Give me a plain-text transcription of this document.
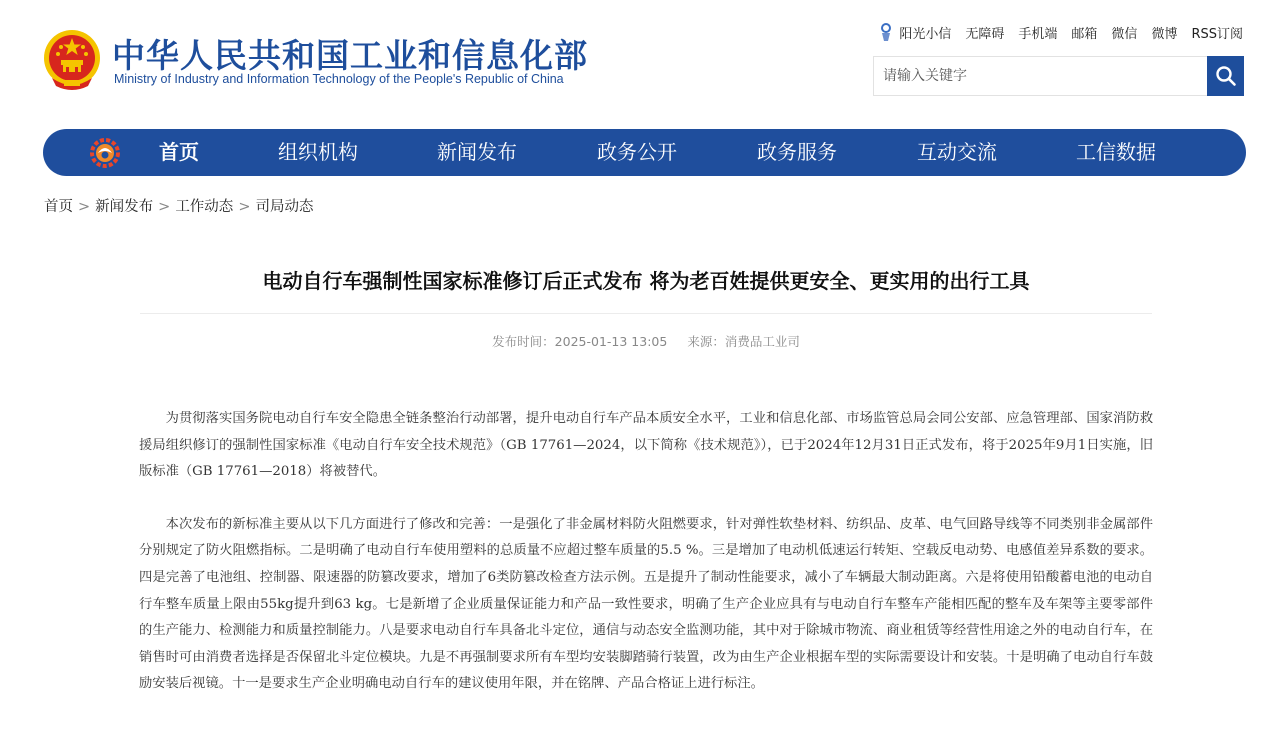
中华人民共和国工业和信息化部
Ministry of Industry and Information Technology of the People's Republic of China
阳光小信 无障碍 手机端 邮箱 微信 微博 RSS订阅
请输入关键字
首页	组织机构	新闻发布	政务公开	政务服务	互动交流	工信数据
首页 > 新闻发布 > 工作动态 > 司局动态
电动自行车强制性国家标准修订后正式发布 将为老百姓提供更安全、更实用的出行工具
发布时间：2025-01-13 13:05 来源：消费品工业司

为贯彻落实国务院电动自行车安全隐患全链条整治行动部署，提升电动自行车产品本质安全水平，工业和信息化部、市场监管总局会同公安部、应急管理部、国家消防救援局组织修订的强制性国家标准《电动自行车安全技术规范》（GB 17761—2024，以下简称《技术规范》），已于2024年12月31日正式发布，将于2025年9月1日实施，旧版标准（GB 17761—2018）将被替代。

本次发布的新标准主要从以下几方面进行了修改和完善：一是强化了非金属材料防火阻燃要求，针对弹性软垫材料、纺织品、皮革、电气回路导线等不同类别非金属部件分别规定了防火阻燃指标。二是明确了电动自行车使用塑料的总质量不应超过整车质量的5.5 %。三是增加了电动机低速运行转矩、空载反电动势、电感值差异系数的要求。四是完善了电池组、控制器、限速器的防篡改要求，增加了6类防篡改检查方法示例。五是提升了制动性能要求，减小了车辆最大制动距离。六是将使用铅酸蓄电池的电动自行车整车质量上限由55kg提升到63 kg。七是新增了企业质量保证能力和产品一致性要求，明确了生产企业应具有与电动自行车整车产能相匹配的整车及车架等主要零部件的生产能力、检测能力和质量控制能力。八是要求电动自行车具备北斗定位，通信与动态安全监测功能，其中对于除城市物流、商业租赁等经营性用途之外的电动自行车，在销售时可由消费者选择是否保留北斗定位模块。九是不再强制要求所有车型均安装脚踏骑行装置，改为由生产企业根据车型的实际需要设计和安装。十是明确了电动自行车鼓励安装后视镜。十一是要求生产企业明确电动自行车的建议使用年限，并在铭牌、产品合格证上进行标注。
